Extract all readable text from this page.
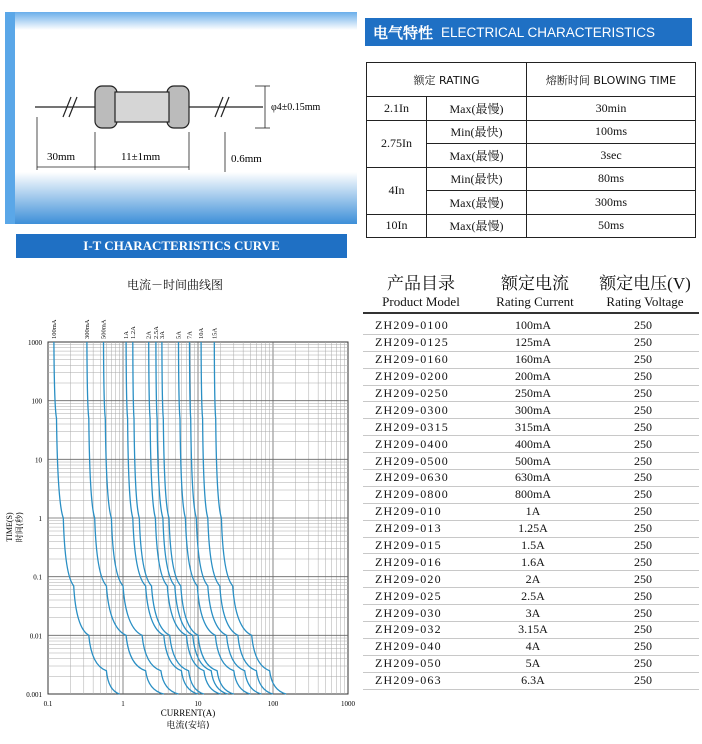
φ4±0.15mm
30mm	11±1mm	0.6mm
电气特性 ELECTRICAL CHARACTERISTICS
额定 RATING		熔断时间 BLOWING TIME
2.1In	Max(最慢)	30min
2.75In	Min(最快)	100ms
	Max(最慢)	3sec
4In	Min(最快)	80ms
	Max(最慢)	300ms
10In	Max(最慢)	50ms
I-T CHARACTERISTICS CURVE
电流－时间曲线图
0.1	1	10	100	1000
1000
100
10
1
0.1
0.01
0.001
100mA	300mA 500mA 1A 1.2A 2A 2.5A 3A 5A 7A 10A 15A
CURRENT(A)
电流(安培)
TIME(S) 时间(秒)
产品目录
Product Model
额定电流
Rating Current
额定电压(V)
Rating Voltage
ZH209-0100	100mA	250
ZH209-0125	125mA	250
ZH209-0160	160mA	250
ZH209-0200	200mA	250
ZH209-0250	250mA	250
ZH209-0300	300mA	250
ZH209-0315	315mA	250
ZH209-0400	400mA	250
ZH209-0500	500mA	250
ZH209-0630	630mA	250
ZH209-0800	800mA	250
ZH209-010	1A	250
ZH209-013	1.25A	250
ZH209-015	1.5A	250
ZH209-016	1.6A	250
ZH209-020	2A	250
ZH209-025	2.5A	250
ZH209-030	3A	250
ZH209-032	3.15A	250
ZH209-040	4A	250
ZH209-050	5A	250
ZH209-063	6.3A	250
